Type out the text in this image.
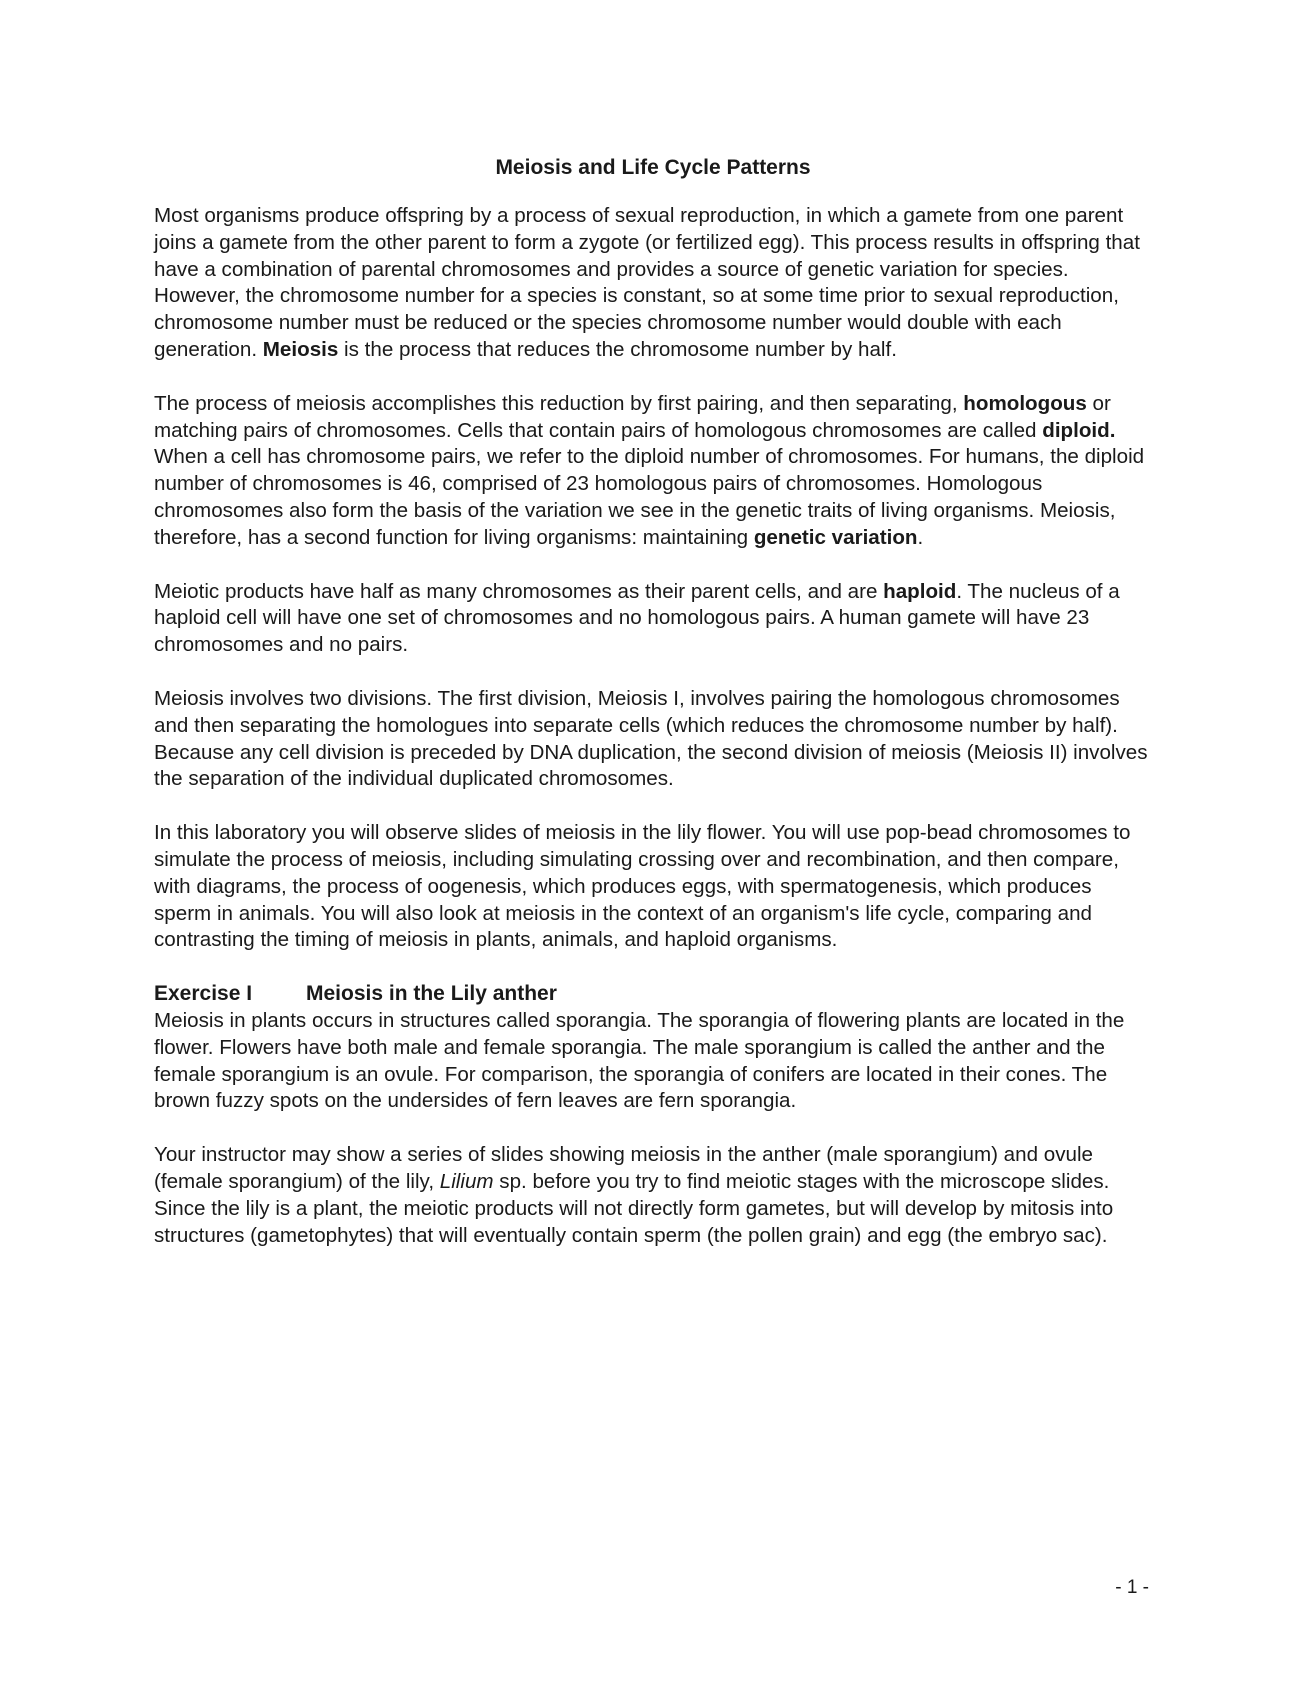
Meiosis and Life Cycle Patterns

Most organisms produce offspring by a process of sexual reproduction, in which a gamete from one parent joins a gamete from the other parent to form a zygote (or fertilized egg). This process results in offspring that have a combination of parental chromosomes and provides a source of genetic variation for species. However, the chromosome number for a species is constant, so at some time prior to sexual reproduction, chromosome number must be reduced or the species chromosome number would double with each generation. Meiosis is the process that reduces the chromosome number by half.

The process of meiosis accomplishes this reduction by first pairing, and then separating, homologous or matching pairs of chromosomes. Cells that contain pairs of homologous chromosomes are called diploid. When a cell has chromosome pairs, we refer to the diploid number of chromosomes. For humans, the diploid number of chromosomes is 46, comprised of 23 homologous pairs of chromosomes. Homologous chromosomes also form the basis of the variation we see in the genetic traits of living organisms. Meiosis, therefore, has a second function for living organisms: maintaining genetic variation.

Meiotic products have half as many chromosomes as their parent cells, and are haploid. The nucleus of a haploid cell will have one set of chromosomes and no homologous pairs. A human gamete will have 23 chromosomes and no pairs.

Meiosis involves two divisions. The first division, Meiosis I, involves pairing the homologous chromosomes and then separating the homologues into separate cells (which reduces the chromosome number by half). Because any cell division is preceded by DNA duplication, the second division of meiosis (Meiosis II) involves the separation of the individual duplicated chromosomes.

In this laboratory you will observe slides of meiosis in the lily flower. You will use pop-bead chromosomes to simulate the process of meiosis, including simulating crossing over and recombination, and then compare, with diagrams, the process of oogenesis, which produces eggs, with spermatogenesis, which produces sperm in animals. You will also look at meiosis in the context of an organism's life cycle, comparing and contrasting the timing of meiosis in plants, animals, and haploid organisms.

Exercise I	Meiosis in the Lily anther

Meiosis in plants occurs in structures called sporangia. The sporangia of flowering plants are located in the flower. Flowers have both male and female sporangia. The male sporangium is called the anther and the female sporangium is an ovule. For comparison, the sporangia of conifers are located in their cones. The brown fuzzy spots on the undersides of fern leaves are fern sporangia.

Your instructor may show a series of slides showing meiosis in the anther (male sporangium) and ovule (female sporangium) of the lily, Lilium sp. before you try to find meiotic stages with the microscope slides. Since the lily is a plant, the meiotic products will not directly form gametes, but will develop by mitosis into structures (gametophytes) that will eventually contain sperm (the pollen grain) and egg (the embryo sac).

- 1 -
